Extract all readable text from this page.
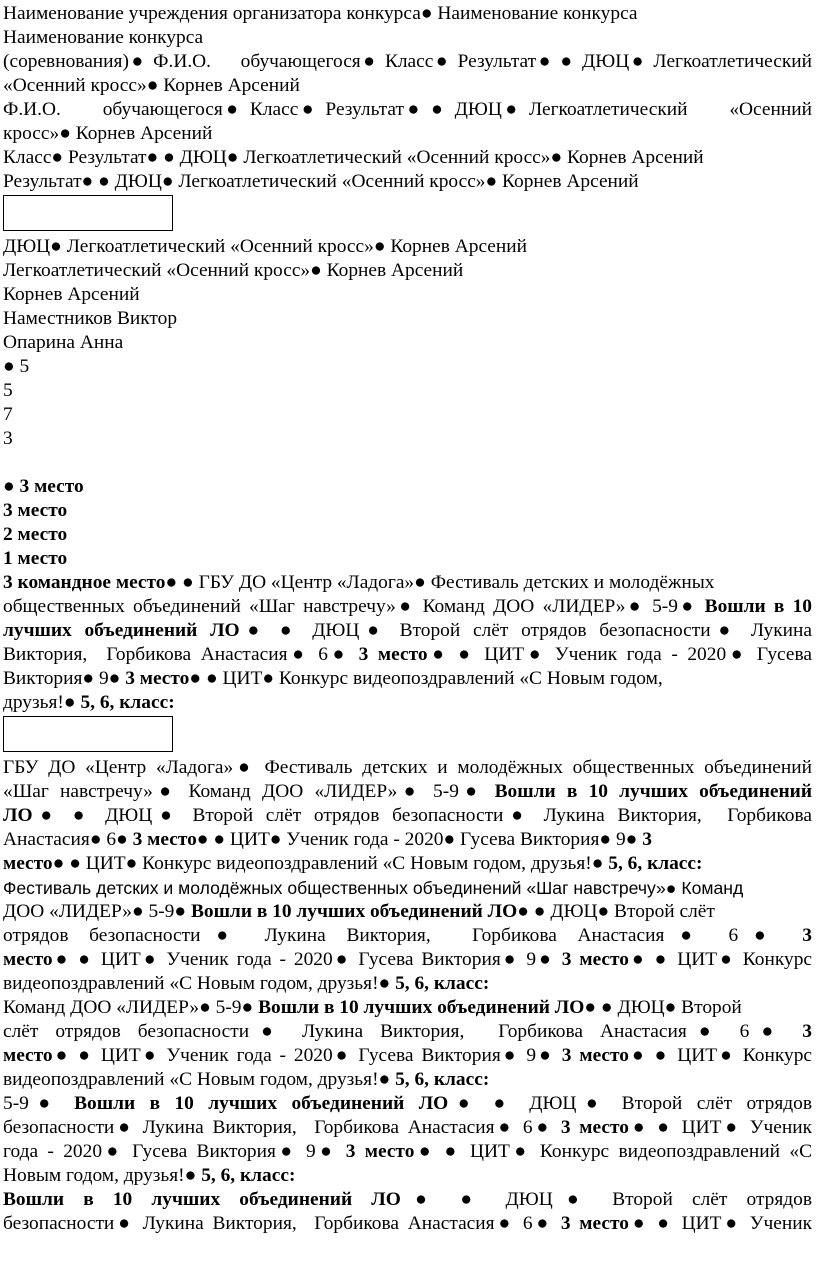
Наименование учреждения организатора конкурса● Наименование конкурса
Наименование конкурса
(соревнования)● Ф.И.О.    обучающегося● Класс● Результат● ● ДЮЦ● Легкоатлетический
«Осенний кросс»● Корнев Арсений
Ф.И.О.     обучающегося● Класс● Результат● ● ДЮЦ● Легкоатлетический     «Осенний
кросс»● Корнев Арсений
Класс● Результат● ● ДЮЦ● Легкоатлетический «Осенний кросс»● Корнев Арсений
Результат● ● ДЮЦ● Легкоатлетический «Осенний кросс»● Корнев Арсений
ДЮЦ● Легкоатлетический «Осенний кросс»● Корнев Арсений
Легкоатлетический «Осенний кросс»● Корнев Арсений
Корнев Арсений
Наместников Виктор
Опарина Анна
● 5
5
7
3
● 3 место
3 место
2 место
1 место
3 командное место● ● ГБУ ДО «Центр «Ладога»● Фестиваль детских и молодёжных
общественных объединений «Шаг навстречу»● Команд ДОО «ЛИДЕР»● 5-9● Вошли в 10
лучших объединений ЛО● ● ДЮЦ● Второй слёт отрядов безопасности● Лукина
Виктория,  Горбикова Анастасия● 6● 3 место● ● ЦИТ● Ученик года - 2020● Гусева
Виктория● 9● 3 место● ● ЦИТ● Конкурс видеопоздравлений «С Новым годом,
друзья!● 5, 6, класс:
ГБУ ДО «Центр «Ладога»● Фестиваль детских и молодёжных общественных объединений
«Шаг навстречу»● Команд ДОО «ЛИДЕР»● 5-9● Вошли в 10 лучших объединений
ЛО● ● ДЮЦ● Второй слёт отрядов безопасности● Лукина Виктория,  Горбикова
Анастасия● 6● 3 место● ● ЦИТ● Ученик года - 2020● Гусева Виктория● 9● 3
место● ● ЦИТ● Конкурс видеопоздравлений «С Новым годом, друзья!● 5, 6, класс:
Фестиваль детских и молодёжных общественных объединений «Шаг навстречу»● Команд
ДОО «ЛИДЕР»● 5-9● Вошли в 10 лучших объединений ЛО● ● ДЮЦ● Второй слёт
отрядов безопасности● Лукина Виктория,  Горбикова Анастасия● 6● 3
место● ● ЦИТ● Ученик года - 2020● Гусева Виктория● 9● 3 место● ● ЦИТ● Конкурс
видеопоздравлений «С Новым годом, друзья!● 5, 6, класс:
Команд ДОО «ЛИДЕР»● 5-9● Вошли в 10 лучших объединений ЛО● ● ДЮЦ● Второй
слёт отрядов безопасности● Лукина Виктория,  Горбикова Анастасия● 6● 3
место● ● ЦИТ● Ученик года - 2020● Гусева Виктория● 9● 3 место● ● ЦИТ● Конкурс
видеопоздравлений «С Новым годом, друзья!● 5, 6, класс:
5-9● Вошли в 10 лучших объединений ЛО● ● ДЮЦ● Второй слёт отрядов
безопасности● Лукина Виктория,  Горбикова Анастасия● 6● 3 место● ● ЦИТ● Ученик
года - 2020● Гусева Виктория● 9● 3 место● ● ЦИТ● Конкурс видеопоздравлений «С
Новым годом, друзья!● 5, 6, класс:
Вошли в 10 лучших объединений ЛО● ● ДЮЦ● Второй слёт отрядов
безопасности● Лукина Виктория,  Горбикова Анастасия● 6● 3 место● ● ЦИТ● Ученик
